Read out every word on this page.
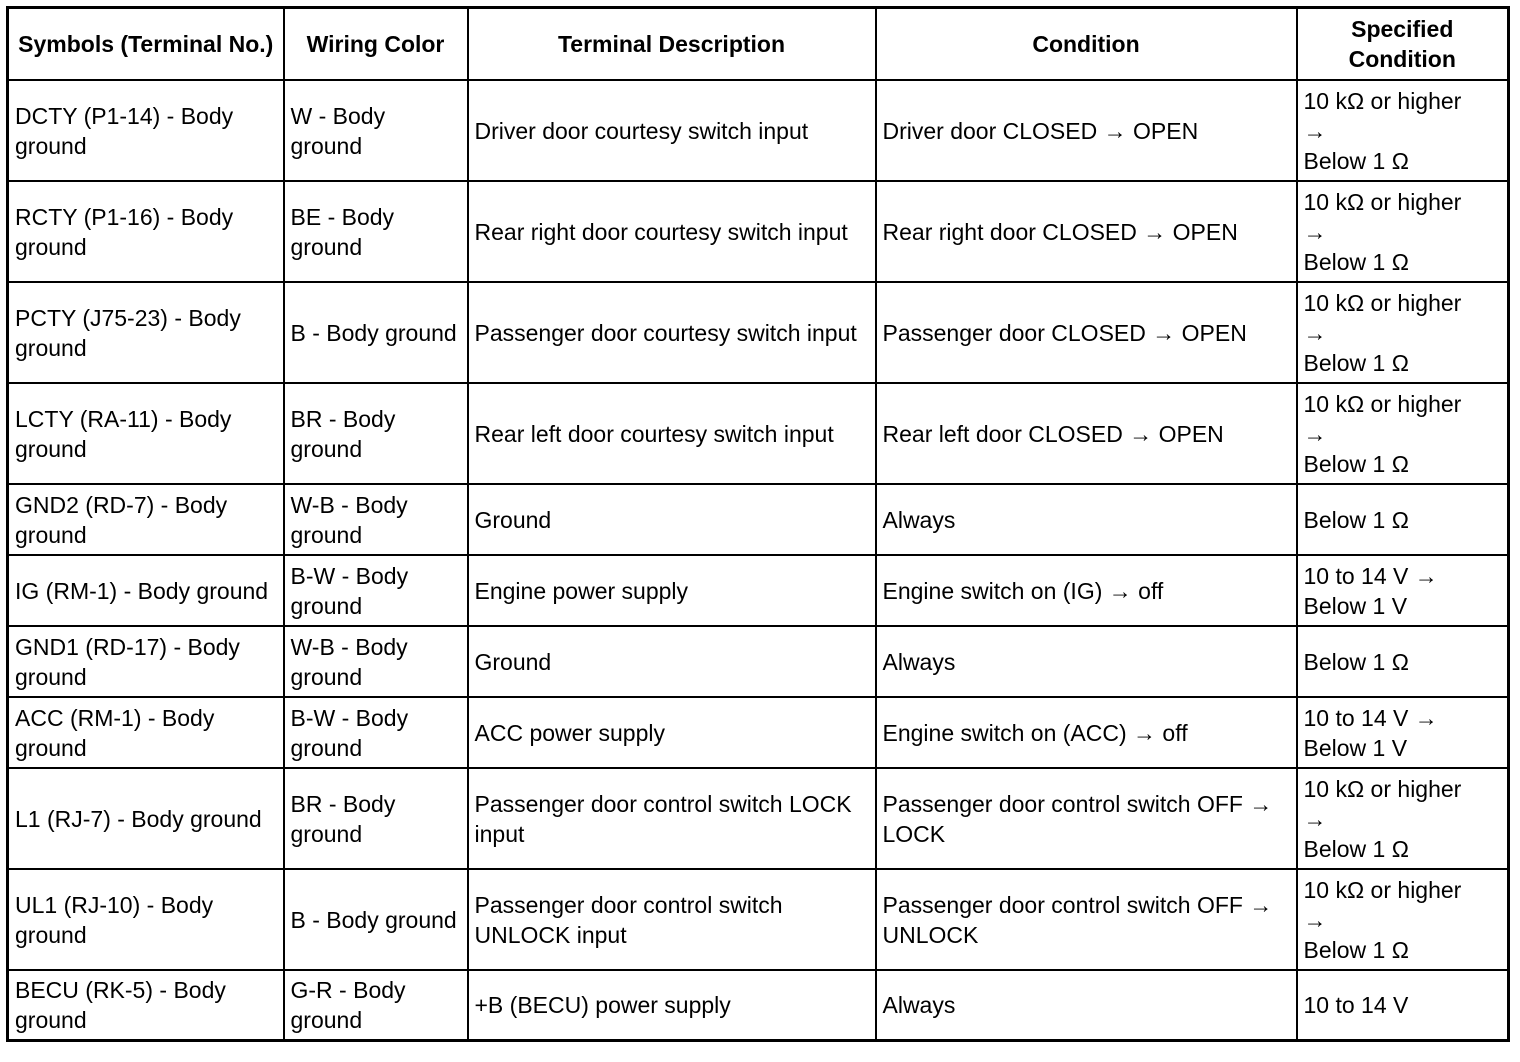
Symbols (Terminal No.)	Wiring Color	Terminal Description	Condition	Specified Condition
DCTY (P1-14) - Body ground	W - Body ground	Driver door courtesy switch input	Driver door CLOSED → OPEN	10 kΩ or higher
→
Below 1 Ω
RCTY (P1-16) - Body ground	BE - Body ground	Rear right door courtesy switch input	Rear right door CLOSED → OPEN	10 kΩ or higher
→
Below 1 Ω
PCTY (J75-23) - Body ground	B - Body ground	Passenger door courtesy switch input	Passenger door CLOSED → OPEN	10 kΩ or higher
→
Below 1 Ω
LCTY (RA-11) - Body ground	BR - Body ground	Rear left door courtesy switch input	Rear left door CLOSED → OPEN	10 kΩ or higher
→
Below 1 Ω
GND2 (RD-7) - Body ground	W-B - Body ground	Ground	Always	Below 1 Ω
IG (RM-1) - Body ground	B-W - Body ground	Engine power supply	Engine switch on (IG) → off	10 to 14 V →
Below 1 V
GND1 (RD-17) - Body ground	W-B - Body ground	Ground	Always	Below 1 Ω
ACC (RM-1) - Body ground	B-W - Body ground	ACC power supply	Engine switch on (ACC) → off	10 to 14 V →
Below 1 V
L1 (RJ-7) - Body ground	BR - Body ground	Passenger door control switch LOCK input	Passenger door control switch OFF → LOCK	10 kΩ or higher
→
Below 1 Ω
UL1 (RJ-10) - Body ground	B - Body ground	Passenger door control switch UNLOCK input	Passenger door control switch OFF → UNLOCK	10 kΩ or higher
→
Below 1 Ω
BECU (RK-5) - Body ground	G-R - Body ground	+B (BECU) power supply	Always	10 to 14 V
